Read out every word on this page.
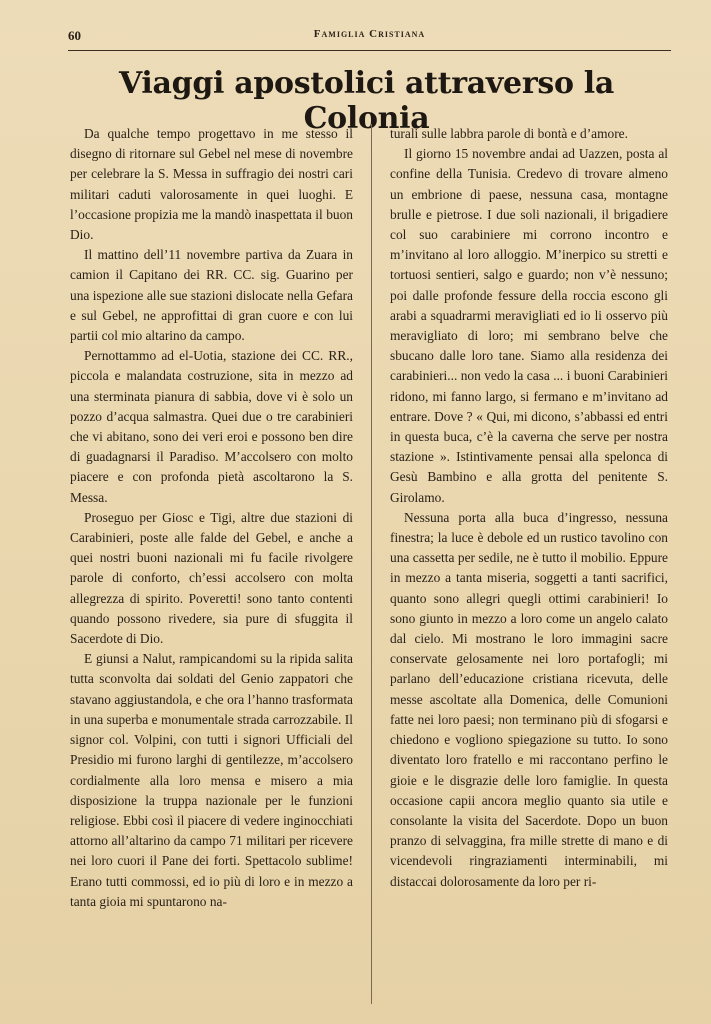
60	Famiglia Cristiana
Viaggi apostolici attraverso la Colonia

Da qualche tempo progettavo in me stesso il disegno di ritornare sul Gebel nel mese di novembre per celebrare la S. Messa in suffragio dei nostri cari militari caduti valorosamente in quei luoghi. E l’occasione propizia me la mandò inaspettata il buon Dio.

Il mattino dell’11 novembre partiva da Zuara in camion il Capitano dei RR. CC. sig. Guarino per una ispezione alle sue stazioni dislocate nella Gefara e sul Gebel, ne approfittai di gran cuore e con lui partii col mio altarino da campo.

Pernottammo ad el-Uotia, stazione dei CC. RR., piccola e malandata costruzione, sita in mezzo ad una sterminata pianura di sabbia, dove vi è solo un pozzo d’acqua salmastra. Quei due o tre carabinieri che vi abitano, sono dei veri eroi e possono ben dire di guadagnarsi il Paradiso. M’accolsero con molto piacere e con profonda pietà ascoltarono la S. Messa.

Proseguo per Giosc e Tigi, altre due stazioni di Carabinieri, poste alle falde del Gebel, e anche a quei nostri buoni nazionali mi fu facile rivolgere parole di conforto, ch’essi accolsero con molta allegrezza di spirito. Poveretti! sono tanto contenti quando possono rivedere, sia pure di sfuggita il Sacerdote di Dio.

E giunsi a Nalut, rampicandomi su la ripida salita tutta sconvolta dai soldati del Genio zappatori che stavano aggiustandola, e che ora l’hanno trasformata in una superba e monumentale strada carrozzabile. Il signor col. Volpini, con tutti i signori Ufficiali del Presidio mi furono larghi di gentilezze, m’accolsero cordialmente alla loro mensa e misero a mia disposizione la truppa nazionale per le funzioni religiose. Ebbi così il piacere di vedere inginocchiati attorno all’altarino da campo 71 militari per ricevere nei loro cuori il Pane dei forti. Spettacolo sublime! Erano tutti commossi, ed io più di loro e in mezzo a tanta gioia mi spuntarono na-

turali sulle labbra parole di bontà e d’amore.

Il giorno 15 novembre andai ad Uazzen, posta al confine della Tunisia. Credevo di trovare almeno un embrione di paese, nessuna casa, montagne brulle e pietrose. I due soli nazionali, il brigadiere col suo carabiniere mi corrono incontro e m’invitano al loro alloggio. M’inerpico su stretti e tortuosi sentieri, salgo e guardo; non v’è nessuno; poi dalle profonde fessure della roccia escono gli arabi a squadrarmi meravigliati ed io li osservo più meravigliato di loro; mi sembrano belve che sbucano dalle loro tane. Siamo alla residenza dei carabinieri... non vedo la casa ... i buoni Carabinieri ridono, mi fanno largo, si fermano e m’invitano ad entrare. Dove ? « Qui, mi dicono, s’abbassi ed entri in questa buca, c’è la caverna che serve per nostra stazione ». Istintivamente pensai alla spelonca di Gesù Bambino e alla grotta del penitente S. Girolamo.

Nessuna porta alla buca d’ingresso, nessuna finestra; la luce è debole ed un rustico tavolino con una cassetta per sedile, ne è tutto il mobilio. Eppure in mezzo a tanta miseria, soggetti a tanti sacrifici, quanto sono allegri quegli ottimi carabinieri! Io sono giunto in mezzo a loro come un angelo calato dal cielo. Mi mostrano le loro immagini sacre conservate gelosamente nei loro portafogli; mi parlano dell’educazione cristiana ricevuta, delle messe ascoltate alla Domenica, delle Comunioni fatte nei loro paesi; non terminano più di sfogarsi e chiedono e vogliono spiegazione su tutto. Io sono diventato loro fratello e mi raccontano perfino le gioie e le disgrazie delle loro famiglie. In questa occasione capii ancora meglio quanto sia utile e consolante la visita del Sacerdote. Dopo un buon pranzo di selvaggina, fra mille strette di mano e di vicendevoli ringraziamenti interminabili, mi distaccai dolorosamente da loro per ri-
